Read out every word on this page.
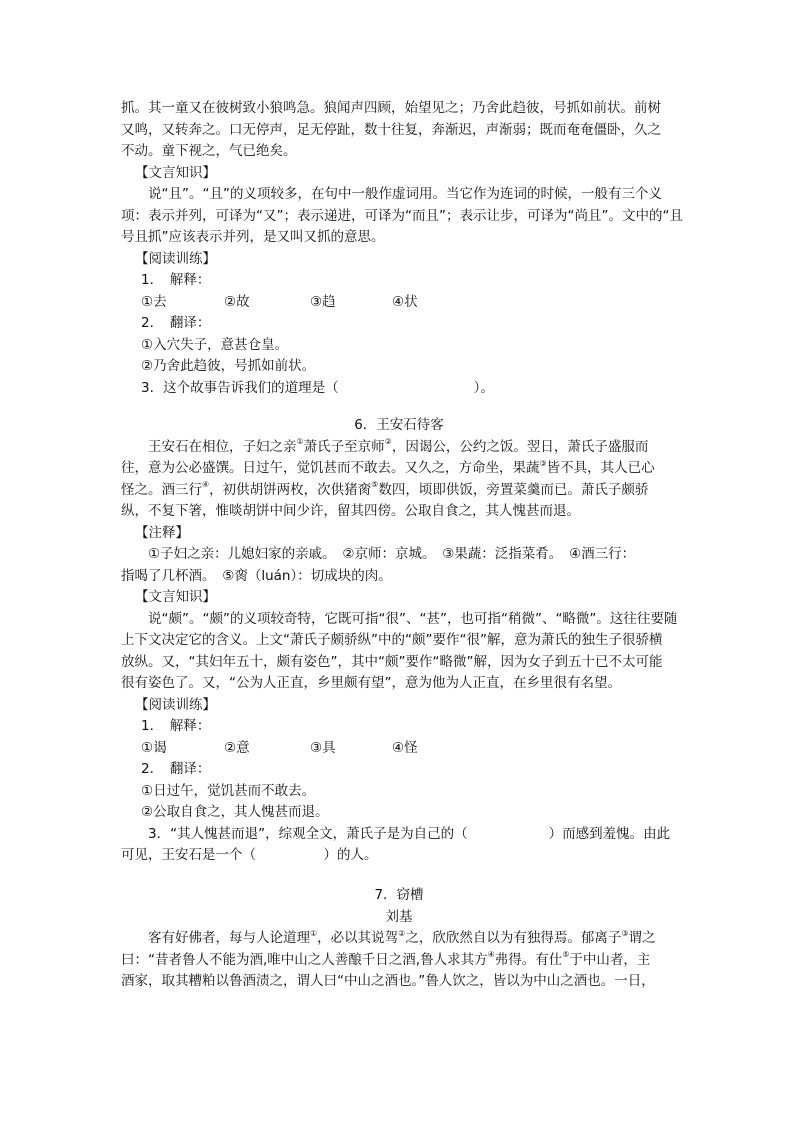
抓。其一童又在彼树致小狼鸣急。狼闻声四顾，始望见之；乃舍此趋彼，号抓如前状。前树
又鸣，又转奔之。口无停声，足无停趾，数十往复，奔渐迟，声渐弱；既而奄奄僵卧，久之
不动。童下视之，气已绝矣。
【文言知识】
说“且”。“且”的义项较多，在句中一般作虚词用。当它作为连词的时候，一般有三个义
项：表示并列，可译为“又”；表示递进，可译为“而且”；表示让步，可译为“尚且”。文中的“且
号且抓”应该表示并列，是又叫又抓的意思。
【阅读训练】
1．　解释：
①去	②故	③趋	④状
2．　翻译：
①入穴失子，意甚仓皇。
②乃舍此趋彼，号抓如前状。
3．这个故事告诉我们的道理是（　　　　　　　　　　）。
6．王安石待客
王安石在相位，子妇之亲①萧氏子至京师②，因谒公，公约之饭。翌日，萧氏子盛服而
往，意为公必盛馔。日过午，觉饥甚而不敢去。又久之，方命坐，果蔬③皆不具，其人已心
怪之。酒三行④，初供胡饼两枚，次供猪脔⑤数四，顷即供饭，旁置菜羹而已。萧氏子颇骄
纵，不复下箸，惟啖胡饼中间少许，留其四傍。公取自食之，其人愧甚而退。
【注释】
①子妇之亲：儿媳妇家的亲戚。　②京师：京城。　③果蔬：泛指菜肴。　④酒三行：
指喝了几杯酒。　⑤脔（luán）：切成块的肉。
【文言知识】
说“颇”。“颇”的义项较奇特，它既可指“很”、“甚”，也可指“稍微”、“略微”。这往往要随
上下文决定它的含义。上文“萧氏子颇骄纵”中的“颇”要作“很”解，意为萧氏的独生子很骄横
放纵。又，“其妇年五十，颇有姿色”，其中“颇”要作“略微”解，因为女子到五十已不太可能
很有姿色了。又，“公为人正直，乡里颇有望”，意为他为人正直，在乡里很有名望。
【阅读训练】
1．　解释：
①谒	②意	③具	④怪
2．　翻译：
①日过午，觉饥甚而不敢去。
②公取自食之，其人愧甚而退。
3．“其人愧甚而退”，综观全文，萧氏子是为自己的（　　　　　　）而感到羞愧。由此
可见，王安石是一个（　　　　　）的人。
7．窃槽
刘基
客有好佛者，每与人论道理①，必以其说驾②之，欣欣然自以为有独得焉。郁离子③谓之
曰：“昔者鲁人不能为酒,唯中山之人善酿千日之酒,鲁人求其方④弗得。有仕⑤于中山者，主
酒家，取其糟粕以鲁酒渍之，谓人曰“中山之酒也。”鲁人饮之，皆以为中山之酒也。一日，
